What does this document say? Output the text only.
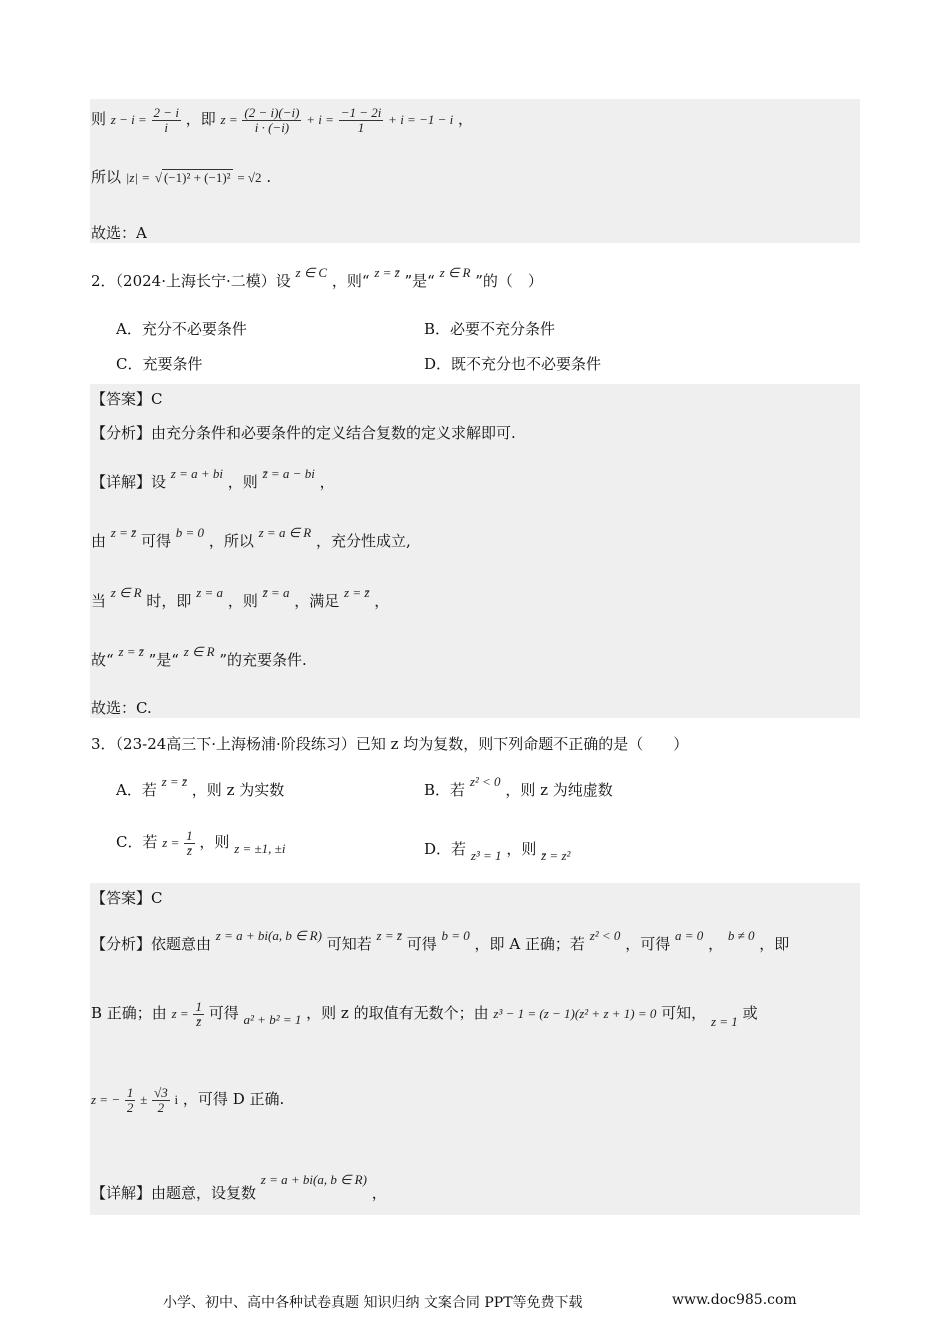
则 $z - i = \frac{2 - i}{i}$ ，即 $z = \frac{(2 - i)(-i)}{i \cdot (-i)} + i = \frac{-1 - 2i}{1} + i = -1 - i$ ，
所以 |z| = √ (−1)² + (−1)² = √2 .
故选：A
2．（2024·上海长宁·二模）设 z ∈ C ，则“ z = z̄ ”是“ z ∈ R ”的（　）
A．充分不必要条件	B．必要不充分条件
C．充要条件	D．既不充分也不必要条件
【答案】C
【分析】由充分条件和必要条件的定义结合复数的定义求解即可.
【详解】设 z = a + bi ，则 z̄ = a − bi ，
由 z = z̄ 可得 b = 0 ，所以 z = a ∈ R ，充分性成立,
当 z ∈ R 时，即 z = a ，则 z̄ = a ，满足 z = z̄ ，
故“ z = z̄ ”是“ z ∈ R ”的充要条件.
故选：C.
3．（23-24高三下·上海杨浦·阶段练习）已知 z 均为复数，则下列命题不正确的是（　　）
A．若 z = z̄ ，则 z 为实数	B．若 z² < 0 ，则 z 为纯虚数
C．若 $z = \frac{1}{z̄}$ ，则 z = ±1, ±i	D．若 z³ = 1 ，则 z̄ = z²
【答案】C
【分析】依题意由 z = a + bi(a, b ∈ R) 可知若 z = z̄ 可得 b = 0 ，即 A 正确；若 z² < 0 ，可得 a = 0 ， b ≠ 0 ，即
B 正确；由 $z = \frac{1}{z̄}$ 可得 a² + b² = 1 ，则 z 的取值有无数个；由 z³ − 1 = (z − 1)(z² + z + 1) = 0 可知， z = 1 或
z = − $\frac{1}{2} \pm \frac{√3}{2}$ i ，可得 D 正确.
【详解】由题意，设复数 z = a + bi(a, b ∈ R) ，
小学、初中、高中各种试卷真题 知识归纳 文案合同 PPT等免费下载	www.doc985.com
